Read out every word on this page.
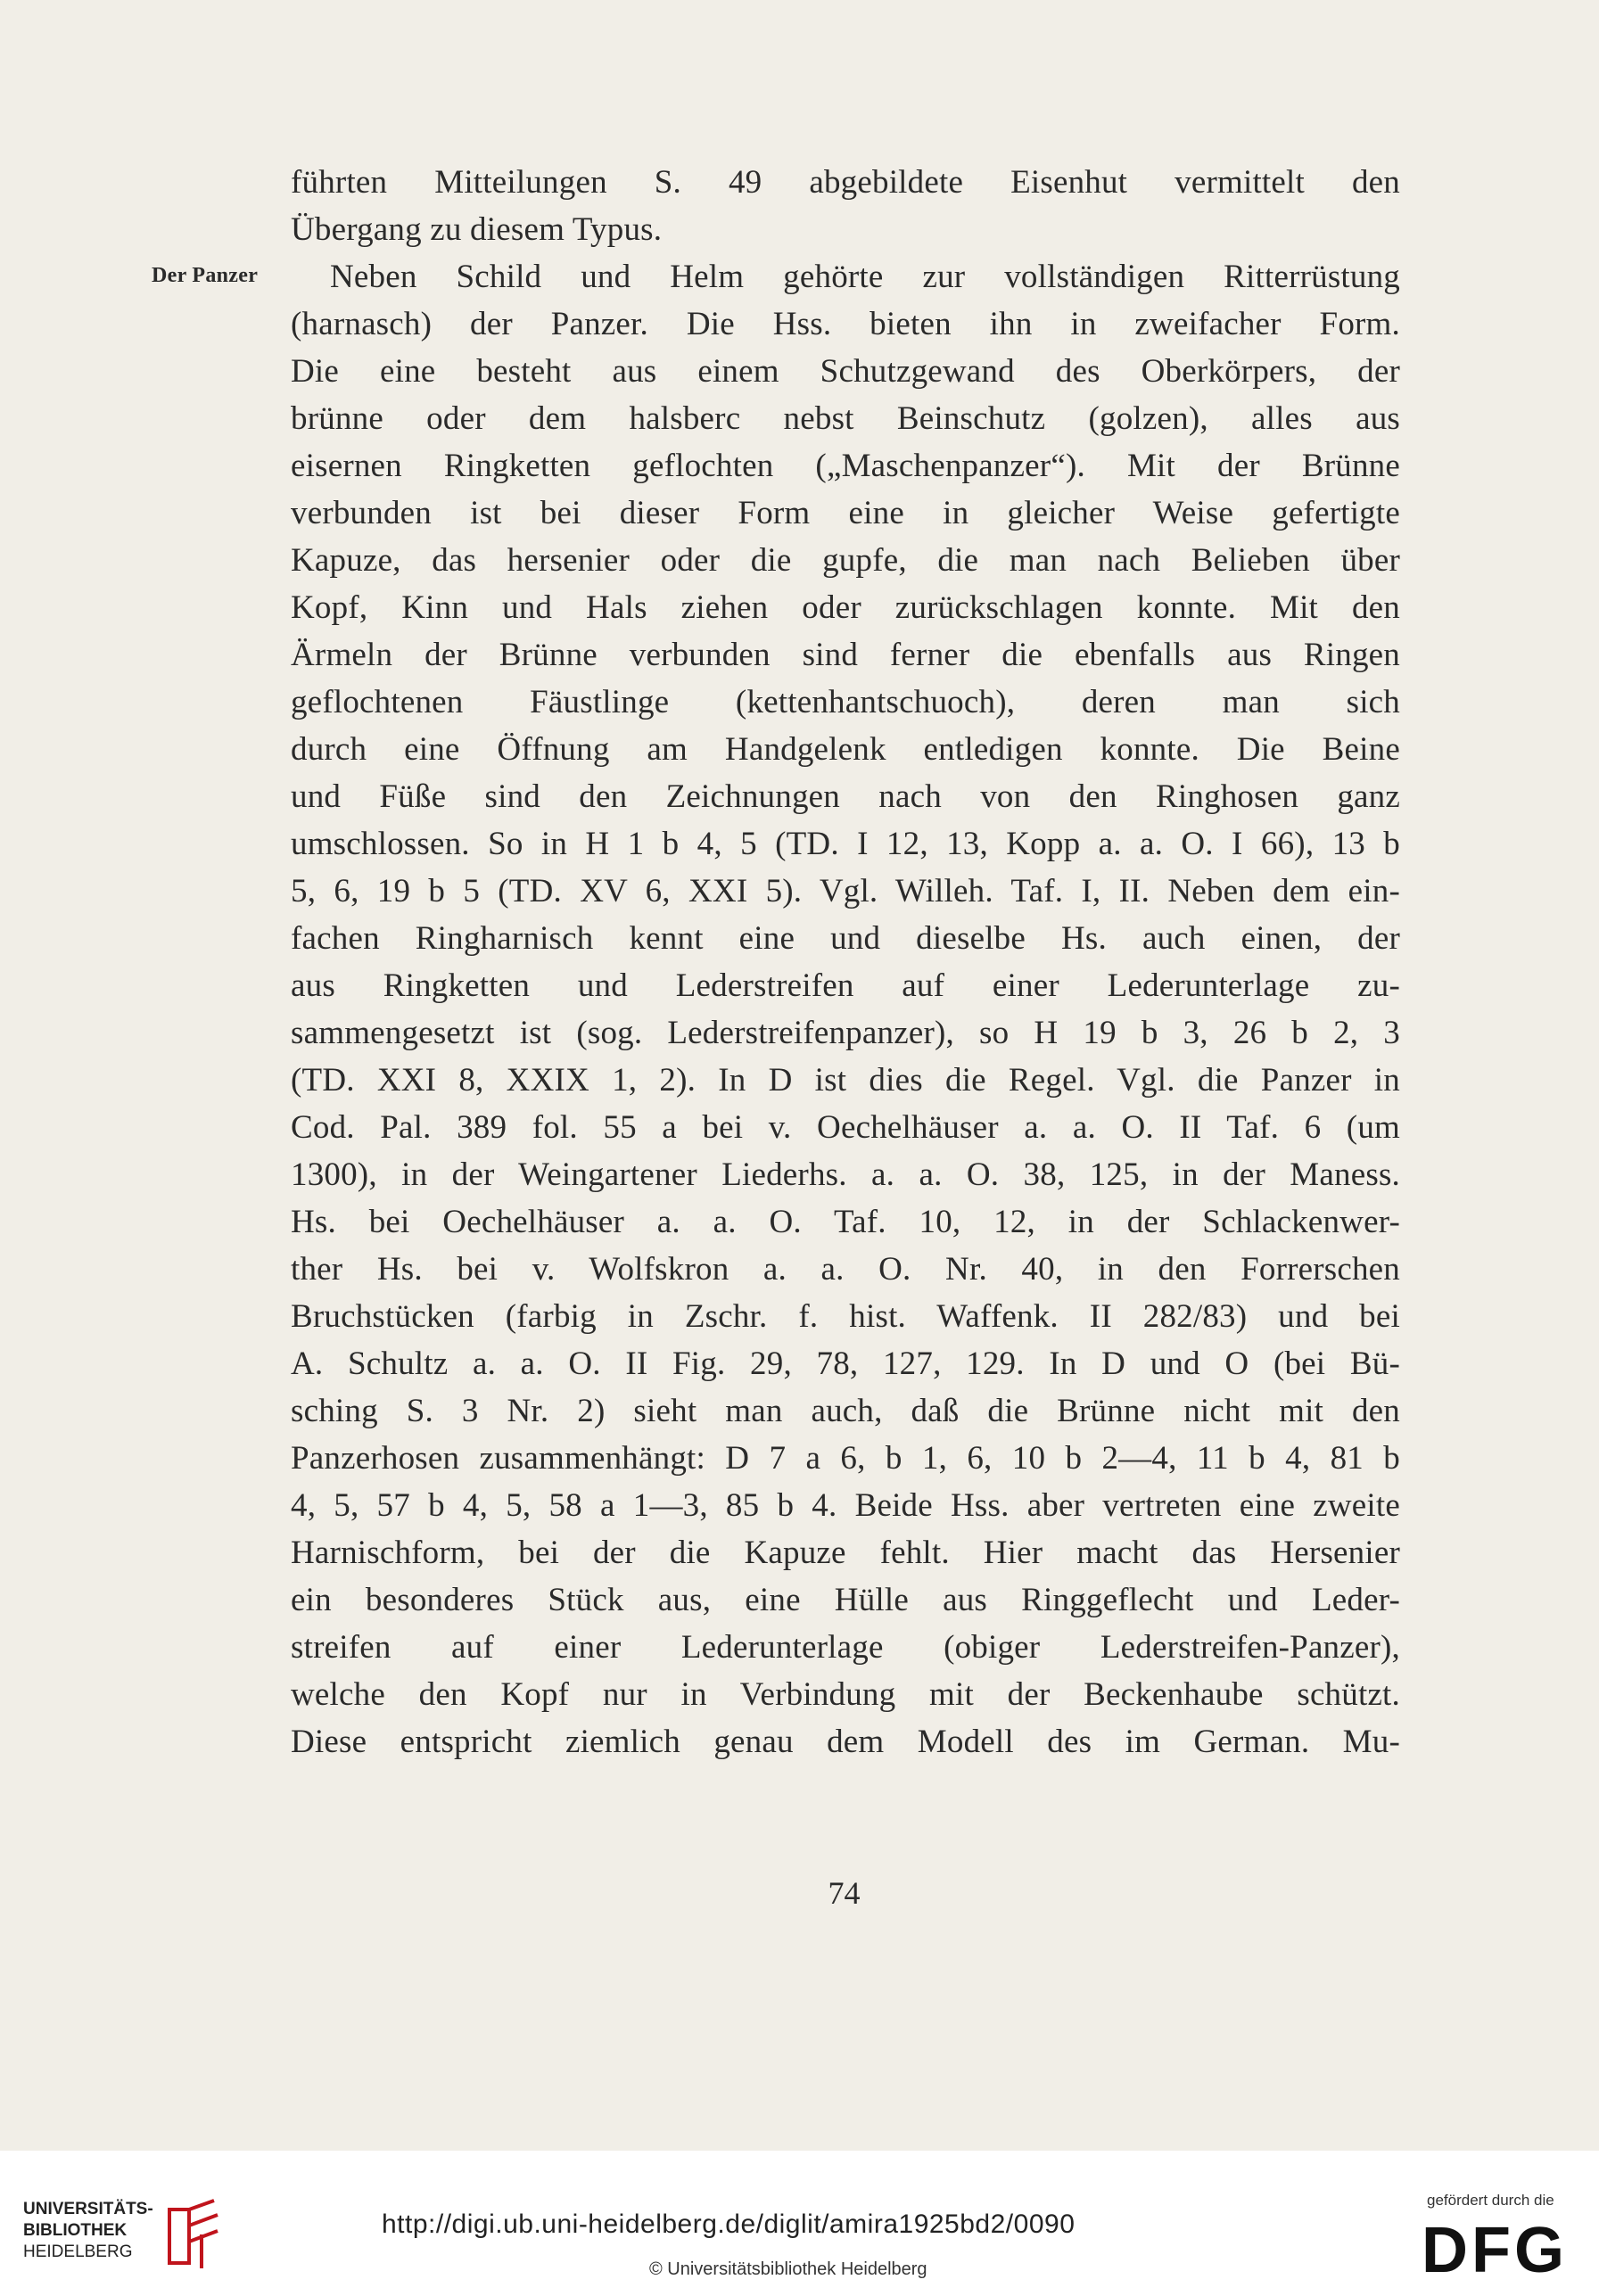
Der Panzer
führten Mitteilungen S. 49 abgebildete Eisenhut vermittelt den
Übergang zu diesem Typus.
Neben Schild und Helm gehörte zur vollständigen Ritterrüstung
(harnasch) der Panzer. Die Hss. bieten ihn in zweifacher Form.
Die eine besteht aus einem Schutzgewand des Oberkörpers, der
brünne oder dem halsberc nebst Beinschutz (golzen), alles aus
eisernen Ringketten geflochten („Maschenpanzer“). Mit der Brünne
verbunden ist bei dieser Form eine in gleicher Weise gefertigte
Kapuze, das hersenier oder die gupfe, die man nach Belieben über
Kopf, Kinn und Hals ziehen oder zurückschlagen konnte. Mit den
Ärmeln der Brünne verbunden sind ferner die ebenfalls aus Ringen
geflochtenen Fäustlinge (kettenhantschuoch), deren man sich
durch eine Öffnung am Handgelenk entledigen konnte. Die Beine
und Füße sind den Zeichnungen nach von den Ringhosen ganz
umschlossen. So in H 1 b 4, 5 (TD. I 12, 13, Kopp a. a. O. I 66), 13 b
5, 6, 19 b 5 (TD. XV 6, XXI 5). Vgl. Willeh. Taf. I, II. Neben dem ein-
fachen Ringharnisch kennt eine und dieselbe Hs. auch einen, der
aus Ringketten und Lederstreifen auf einer Lederunterlage zu-
sammengesetzt ist (sog. Lederstreifenpanzer), so H 19 b 3, 26 b 2, 3
(TD. XXI 8, XXIX 1, 2). In D ist dies die Regel. Vgl. die Panzer in
Cod. Pal. 389 fol. 55 a bei v. Oechelhäuser a. a. O. II Taf. 6 (um
1300), in der Weingartener Liederhs. a. a. O. 38, 125, in der Maness.
Hs. bei Oechelhäuser a. a. O. Taf. 10, 12, in der Schlackenwer-
ther Hs. bei v. Wolfskron a. a. O. Nr. 40, in den Forrerschen
Bruchstücken (farbig in Zschr. f. hist. Waffenk. II 282/83) und bei
A. Schultz a. a. O. II Fig. 29, 78, 127, 129. In D und O (bei Bü-
sching S. 3 Nr. 2) sieht man auch, daß die Brünne nicht mit den
Panzerhosen zusammenhängt: D 7 a 6, b 1, 6, 10 b 2—4, 11 b 4, 81 b
4, 5, 57 b 4, 5, 58 a 1—3, 85 b 4. Beide Hss. aber vertreten eine zweite
Harnischform, bei der die Kapuze fehlt. Hier macht das Hersenier
ein besonderes Stück aus, eine Hülle aus Ringgeflecht und Leder-
streifen auf einer Lederunterlage (obiger Lederstreifen-Panzer),
welche den Kopf nur in Verbindung mit der Beckenhaube schützt.
Diese entspricht ziemlich genau dem Modell des im German. Mu-
74
UNIVERSITÄTS-
BIBLIOTHEK
HEIDELBERG
http://digi.ub.uni-heidelberg.de/diglit/amira1925bd2/0090
© Universitätsbibliothek Heidelberg
gefördert durch die
DFG
